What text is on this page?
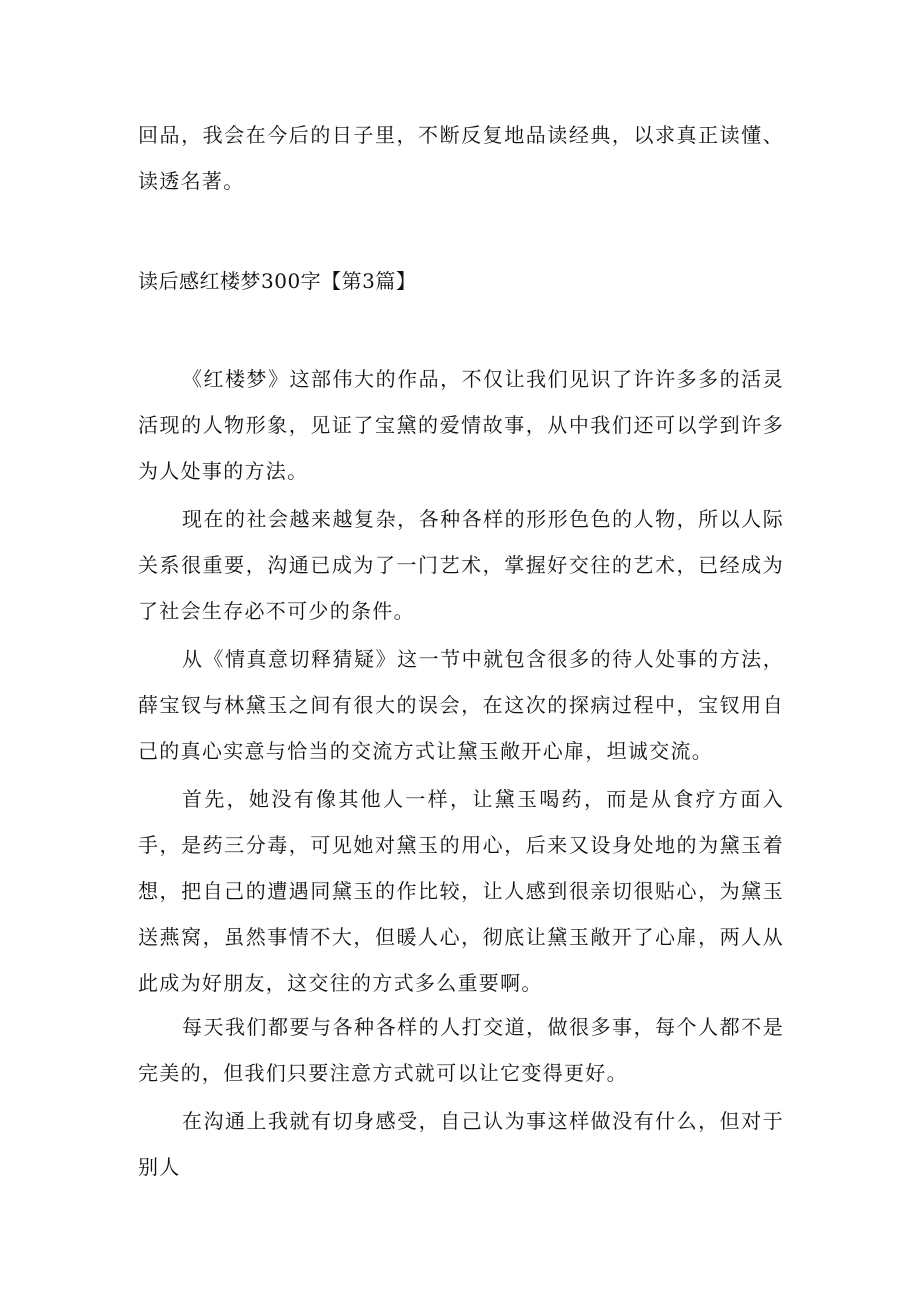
回品，我会在今后的日子里，不断反复地品读经典，以求真正读懂、读透名著。

读后感红楼梦300字【第3篇】

《红楼梦》这部伟大的作品，不仅让我们见识了许许多多的活灵活现的人物形象，见证了宝黛的爱情故事，从中我们还可以学到许多为人处事的方法。

现在的社会越来越复杂，各种各样的形形色色的人物，所以人际关系很重要，沟通已成为了一门艺术，掌握好交往的艺术，已经成为了社会生存必不可少的条件。

从《情真意切释猜疑》这一节中就包含很多的待人处事的方法，薛宝钗与林黛玉之间有很大的误会，在这次的探病过程中，宝钗用自己的真心实意与恰当的交流方式让黛玉敞开心扉，坦诚交流。

首先，她没有像其他人一样，让黛玉喝药，而是从食疗方面入手，是药三分毒，可见她对黛玉的用心，后来又设身处地的为黛玉着想，把自己的遭遇同黛玉的作比较，让人感到很亲切很贴心，为黛玉送燕窝，虽然事情不大，但暖人心，彻底让黛玉敞开了心扉，两人从此成为好朋友，这交往的方式多么重要啊。

每天我们都要与各种各样的人打交道，做很多事，每个人都不是完美的，但我们只要注意方式就可以让它变得更好。

在沟通上我就有切身感受，自己认为事这样做没有什么，但对于别人
